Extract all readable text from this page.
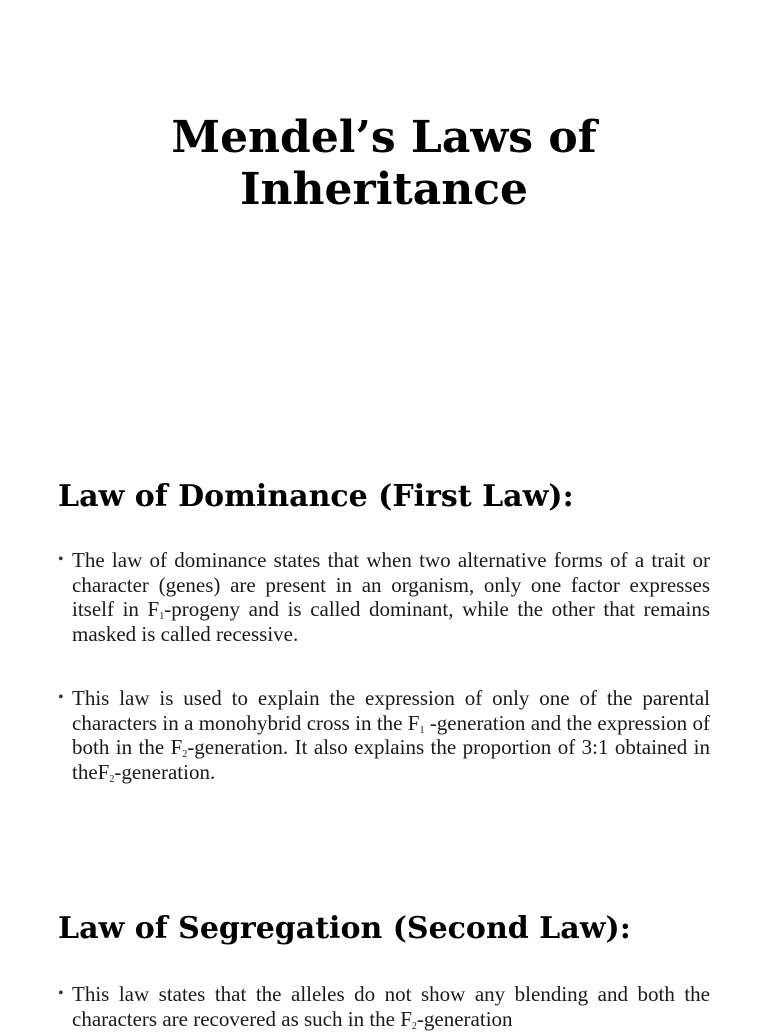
Mendel’s Laws of
Inheritance
Law of Dominance (First Law):
• The law of dominance states that when two alternative forms of a trait or character (genes) are present in an organism, only one factor expresses itself in $F_1$-progeny and is called dominant, while the other that remains masked is called recessive.
• This law is used to explain the expression of only one of the parental characters in a monohybrid cross in the $F_1$ -generation and the expression of both in the $F_2$-generation. It also explains the proportion of 3:1 obtained in theF$_2$-generation.
Law of Segregation (Second Law):
• This law states that the alleles do not show any blending and both the characters are recovered as such in the $F_2$-generation
